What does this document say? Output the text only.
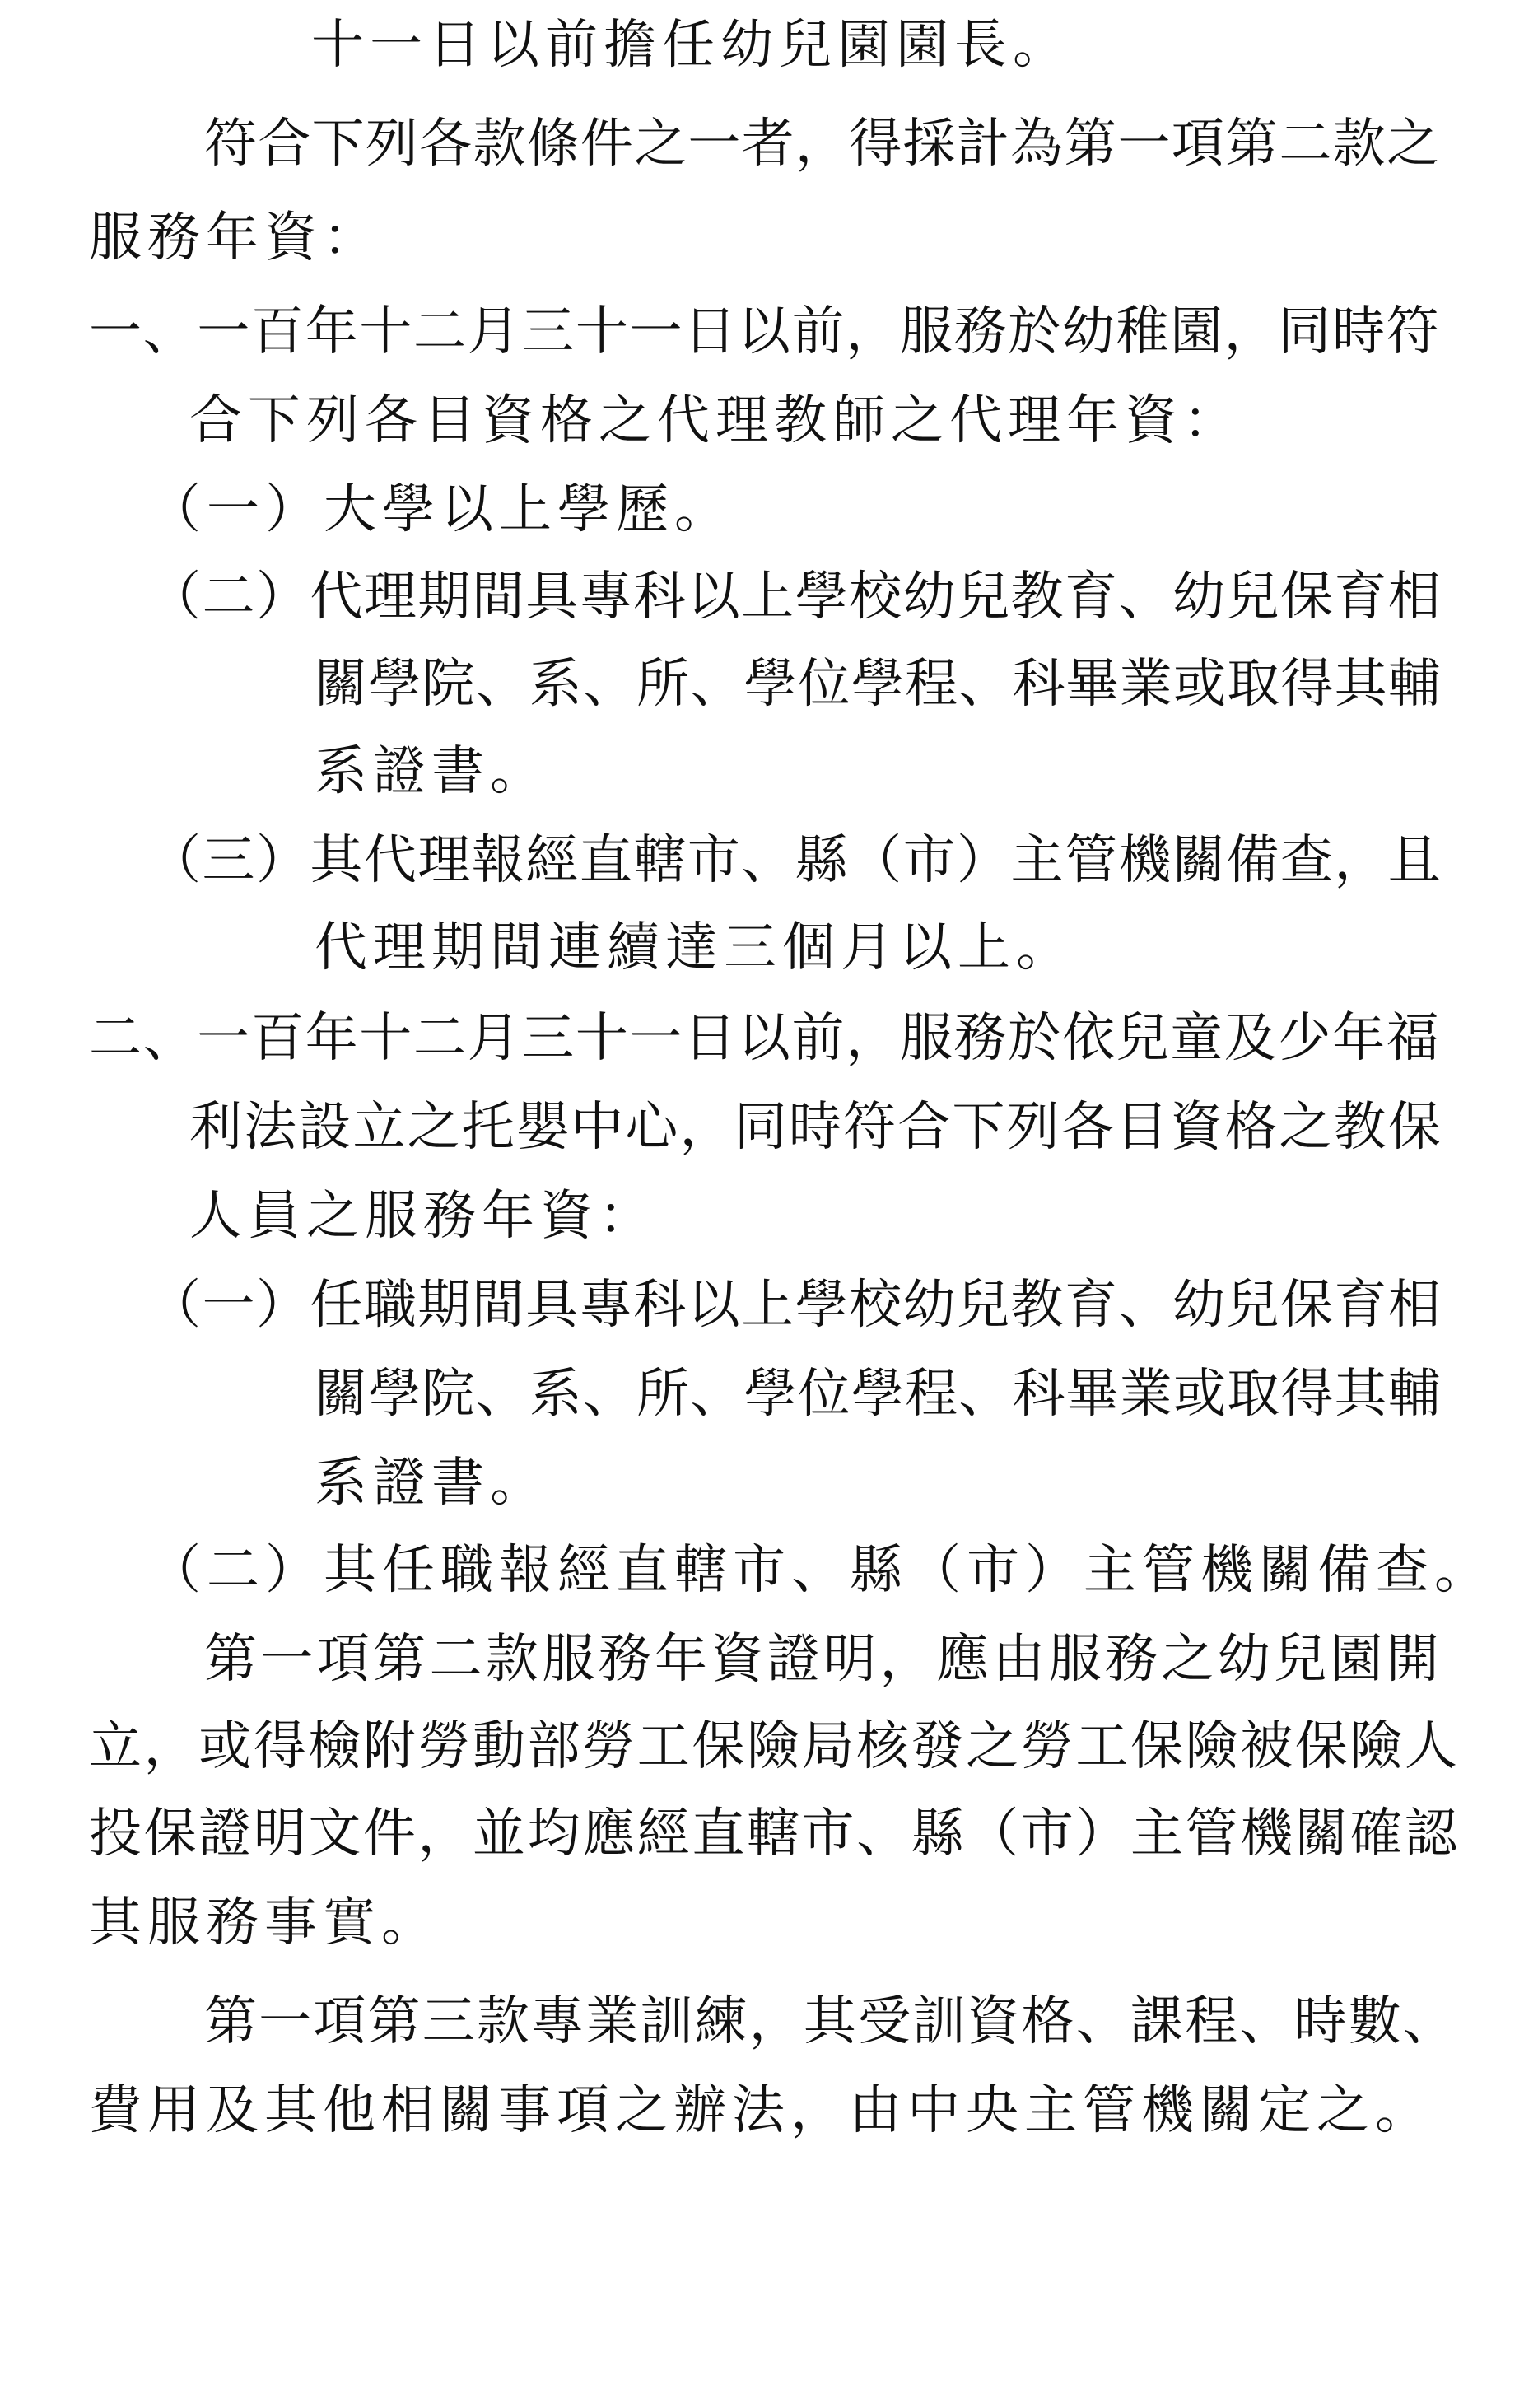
十一日以前擔任幼兒園園長。
符 合 下 列 各 款 條 件 之 一 者 ， 得 採 計 為 第 一 項 第 二 款 之
服務年資：
一 、 一 百 年 十 二 月 三 十 一 日 以 前 ， 服 務 於 幼 稚 園 ， 同 時 符
合下列各目資格之代理教師之代理年資：
（一）大學以上學歷。
（ 二 ） 代 理 期 間 具 專 科 以 上 學 校 幼 兒 教 育 、 幼 兒 保 育 相
關 學 院 、 系 、 所 、 學 位 學 程 、 科 畢 業 或 取 得 其 輔
系證書。
（ 三 ） 其 代 理 報 經 直 轄 市 、 縣 （ 市 ） 主 管 機 關 備 查 ， 且
代理期間連續達三個月以上。
二 、 一 百 年 十 二 月 三 十 一 日 以 前 ， 服 務 於 依 兒 童 及 少 年 福
利 法 設 立 之 托 嬰 中 心 ， 同 時 符 合 下 列 各 目 資 格 之 教 保
人員之服務年資：
（ 一 ） 任 職 期 間 具 專 科 以 上 學 校 幼 兒 教 育 、 幼 兒 保 育 相
關 學 院 、 系 、 所 、 學 位 學 程 、 科 畢 業 或 取 得 其 輔
系證書。
（二）其任職報經直轄市、縣（市）主管機關備查。
第 一 項 第 二 款 服 務 年 資 證 明 ， 應 由 服 務 之 幼 兒 園 開
立 ， 或 得 檢 附 勞 動 部 勞 工 保 險 局 核 發 之 勞 工 保 險 被 保 險 人
投 保 證 明 文 件 ， 並 均 應 經 直 轄 市 、 縣 （ 市 ） 主 管 機 關 確 認
其服務事實。
第 一 項 第 三 款 專 業 訓 練 ， 其 受 訓 資 格 、 課 程 、 時 數 、
費用及其他相關事項之辦法，由中央主管機關定之。
